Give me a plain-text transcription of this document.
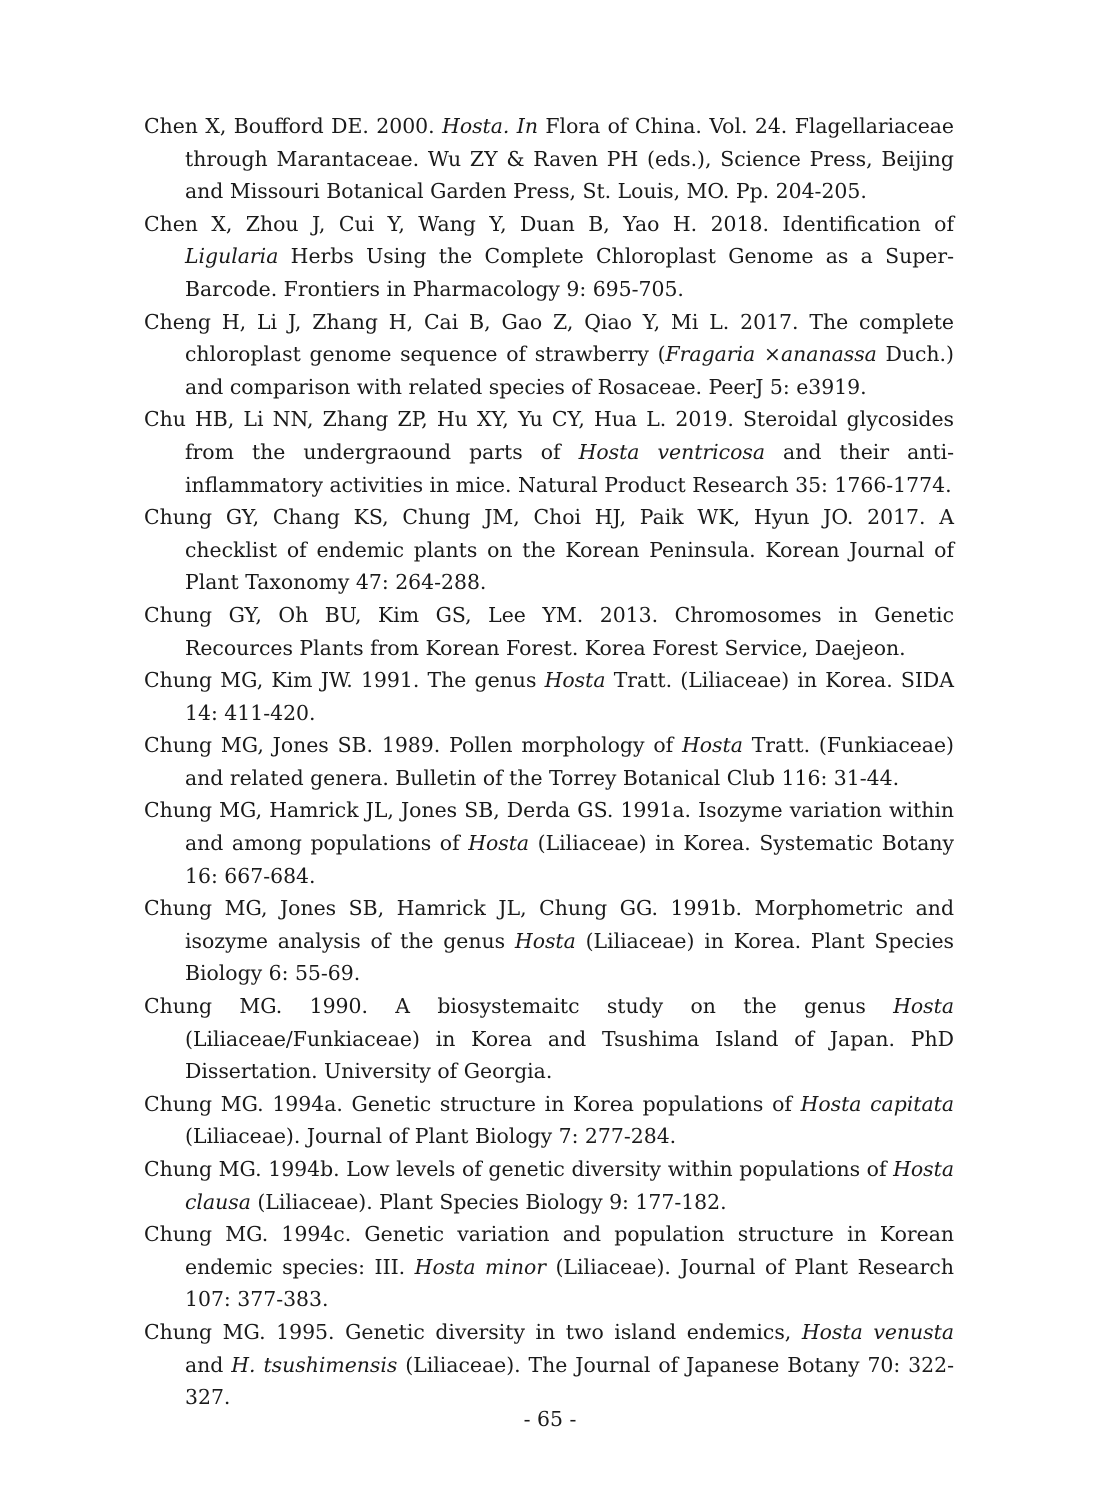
Chen X, Boufford DE. 2000. Hosta. In Flora of China. Vol. 24. Flagellariaceae through Marantaceae. Wu ZY & Raven PH (eds.), Science Press, Beijing and Missouri Botanical Garden Press, St. Louis, MO. Pp. 204-205.

Chen X, Zhou J, Cui Y, Wang Y, Duan B, Yao H. 2018. Identification of Ligularia Herbs Using the Complete Chloroplast Genome as a Super-Barcode. Frontiers in Pharmacology 9: 695-705.

Cheng H, Li J, Zhang H, Cai B, Gao Z, Qiao Y, Mi L. 2017. The complete chloroplast genome sequence of strawberry (Fragaria ×ananassa Duch.) and comparison with related species of Rosaceae. PeerJ 5: e3919.

Chu HB, Li NN, Zhang ZP, Hu XY, Yu CY, Hua L. 2019. Steroidal glycosides from the undergraound parts of Hosta ventricosa and their anti-inflammatory activities in mice. Natural Product Research 35: 1766-1774.

Chung GY, Chang KS, Chung JM, Choi HJ, Paik WK, Hyun JO. 2017. A checklist of endemic plants on the Korean Peninsula. Korean Journal of Plant Taxonomy 47: 264-288.

Chung GY, Oh BU, Kim GS, Lee YM. 2013. Chromosomes in Genetic Recources Plants from Korean Forest. Korea Forest Service, Daejeon.

Chung MG, Kim JW. 1991. The genus Hosta Tratt. (Liliaceae) in Korea. SIDA 14: 411-420.

Chung MG, Jones SB. 1989. Pollen morphology of Hosta Tratt. (Funkiaceae) and related genera. Bulletin of the Torrey Botanical Club 116: 31-44.

Chung MG, Hamrick JL, Jones SB, Derda GS. 1991a. Isozyme variation within and among populations of Hosta (Liliaceae) in Korea. Systematic Botany 16: 667-684.

Chung MG, Jones SB, Hamrick JL, Chung GG. 1991b. Morphometric and isozyme analysis of the genus Hosta (Liliaceae) in Korea. Plant Species Biology 6: 55-69.

Chung MG. 1990. A biosystemaitc study on the genus Hosta (Liliaceae/Funkiaceae) in Korea and Tsushima Island of Japan. PhD Dissertation. University of Georgia.

Chung MG. 1994a. Genetic structure in Korea populations of Hosta capitata (Liliaceae). Journal of Plant Biology 7: 277-284.

Chung MG. 1994b. Low levels of genetic diversity within populations of Hosta clausa (Liliaceae). Plant Species Biology 9: 177-182.

Chung MG. 1994c. Genetic variation and population structure in Korean endemic species: III. Hosta minor (Liliaceae). Journal of Plant Research 107: 377-383.

Chung MG. 1995. Genetic diversity in two island endemics, Hosta venusta and H. tsushimensis (Liliaceae). The Journal of Japanese Botany 70: 322-327.

- 65 -
